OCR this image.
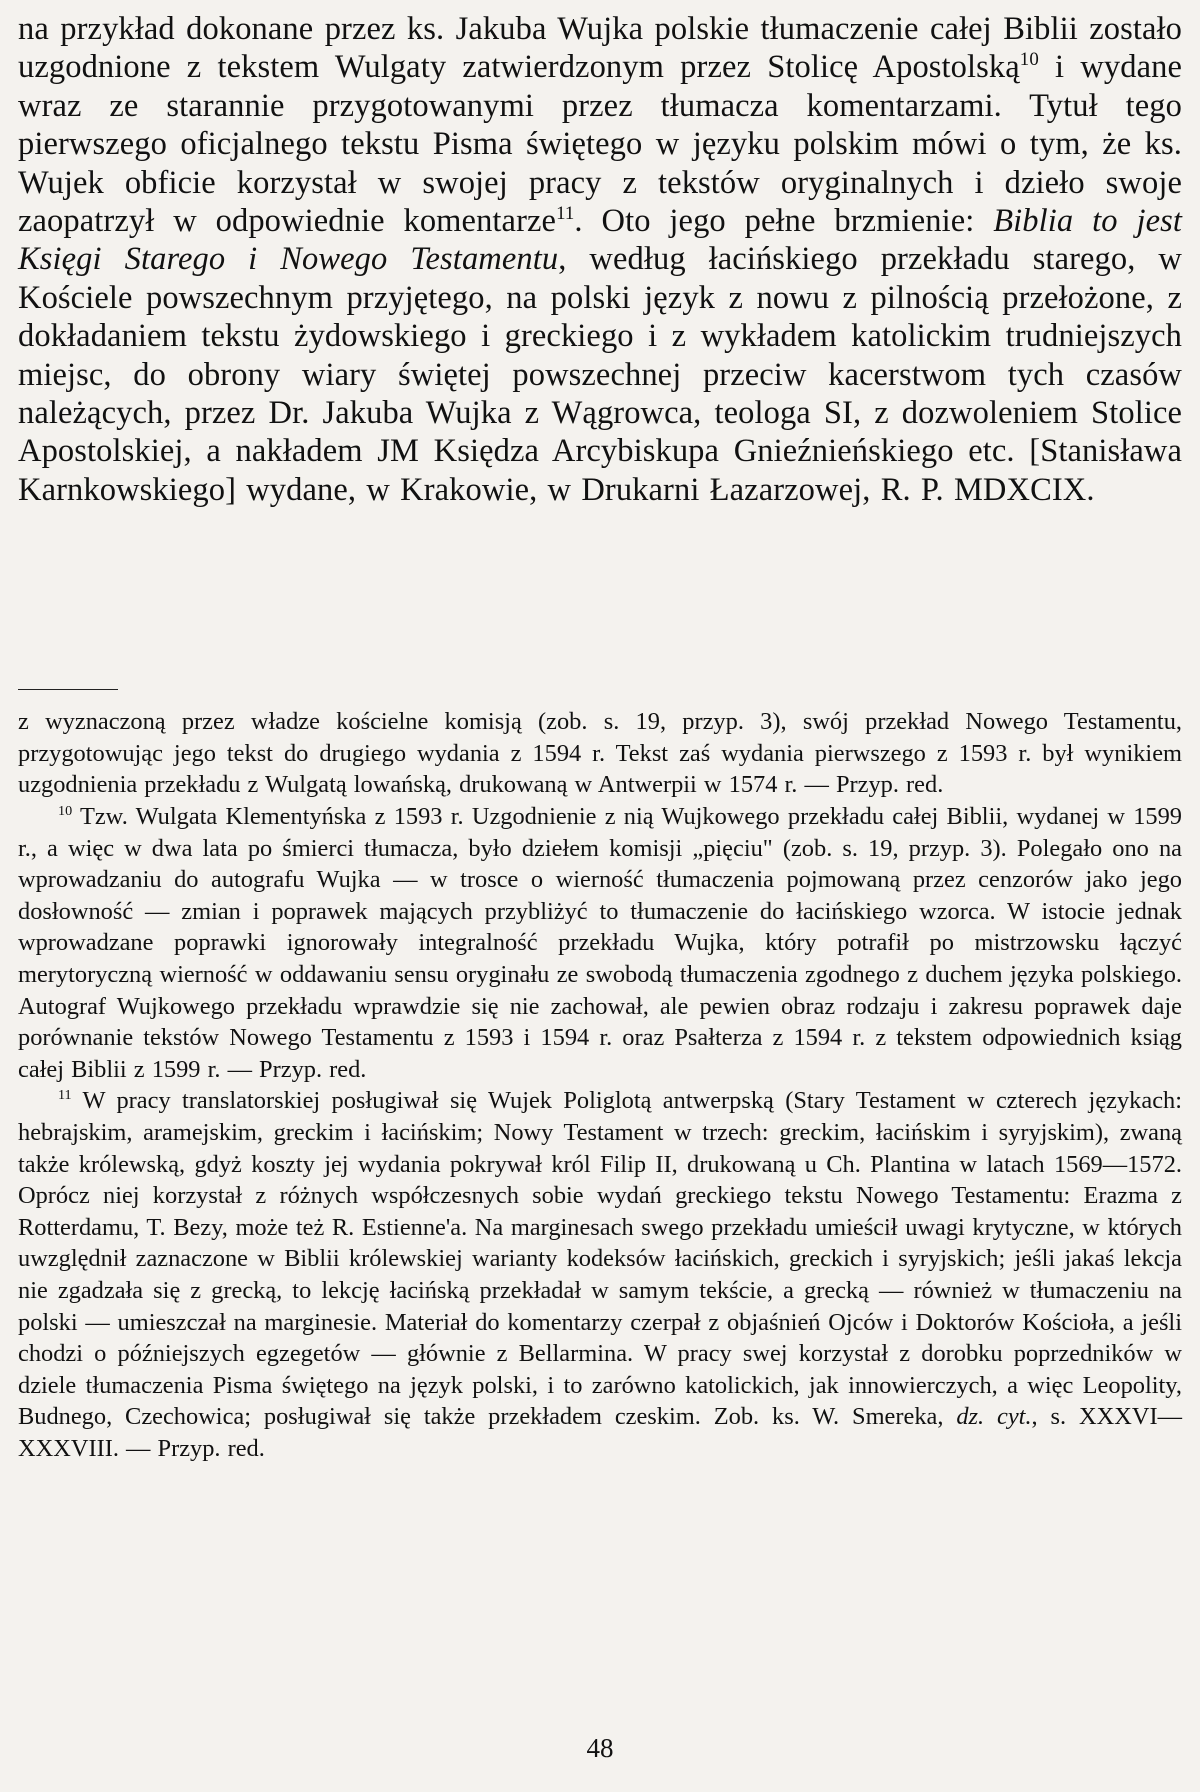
na przykład dokonane przez ks. Jakuba Wujka polskie tłumaczenie całej Biblii zostało uzgodnione z tekstem Wulgaty zatwierdzonym przez Stolicę Apostolską$^{10}$ i wydane wraz ze starannie przygotowanymi przez tłumacza komentarzami. Tytuł tego pierwszego oficjalnego tekstu Pisma świętego w języku polskim mówi o tym, że ks. Wujek obficie korzystał w swojej pracy z tekstów oryginalnych i dzieło swoje zaopatrzył w odpowiednie komentarze$^{11}$. Oto jego pełne brzmienie: Biblia to jest Księgi Starego i Nowego Testamentu, według łacińskiego przekładu starego, w Kościele powszechnym przyjętego, na polski język z nowu z pilnością przełożone, z dokładaniem tekstu żydowskiego i greckiego i z wykładem katolickim trudniejszych miejsc, do obrony wiary świętej powszechnej przeciw kacerstwom tych czasów należących, przez Dr. Jakuba Wujka z Wągrowca, teologa SI, z dozwoleniem Stolice Apostolskiej, a nakładem JM Księdza Arcybiskupa Gnieźnieńskiego etc. [Stanisława Karnkowskiego] wydane, w Krakowie, w Drukarni Łazarzowej, R. P. MDXCIX.

z wyznaczoną przez władze kościelne komisją (zob. s. 19, przyp. 3), swój przekład Nowego Testamentu, przygotowując jego tekst do drugiego wydania z 1594 r. Tekst zaś wydania pierwszego z 1593 r. był wynikiem uzgodnienia przekładu z Wulgatą lowańską, drukowaną w Antwerpii w 1574 r. — Przyp. red.

$^{10}$ Tzw. Wulgata Klementyńska z 1593 r. Uzgodnienie z nią Wujkowego przekładu całej Biblii, wydanej w 1599 r., a więc w dwa lata po śmierci tłumacza, było dziełem komisji „pięciu" (zob. s. 19, przyp. 3). Polegało ono na wprowadzaniu do autografu Wujka — w trosce o wierność tłumaczenia pojmowaną przez cenzorów jako jego dosłowność — zmian i poprawek mających przybliżyć to tłumaczenie do łacińskiego wzorca. W istocie jednak wprowadzane poprawki ignorowały integralność przekładu Wujka, który potrafił po mistrzowsku łączyć merytoryczną wierność w oddawaniu sensu oryginału ze swobodą tłumaczenia zgodnego z duchem języka polskiego. Autograf Wujkowego przekładu wprawdzie się nie zachował, ale pewien obraz rodzaju i zakresu poprawek daje porównanie tekstów Nowego Testamentu z 1593 i 1594 r. oraz Psałterza z 1594 r. z tekstem odpowiednich ksiąg całej Biblii z 1599 r. — Przyp. red.

$^{11}$ W pracy translatorskiej posługiwał się Wujek Poliglotą antwerpską (Stary Testament w czterech językach: hebrajskim, aramejskim, greckim i łacińskim; Nowy Testament w trzech: greckim, łacińskim i syryjskim), zwaną także królewską, gdyż koszty jej wydania pokrywał król Filip II, drukowaną u Ch. Plantina w latach 1569—1572. Oprócz niej korzystał z różnych współczesnych sobie wydań greckiego tekstu Nowego Testamentu: Erazma z Rotterdamu, T. Bezy, może też R. Estienne'a. Na marginesach swego przekładu umieścił uwagi krytyczne, w których uwzględnił zaznaczone w Biblii królewskiej warianty kodeksów łacińskich, greckich i syryjskich; jeśli jakaś lekcja nie zgadzała się z grecką, to lekcję łacińską przekładał w samym tekście, a grecką — również w tłumaczeniu na polski — umieszczał na marginesie. Materiał do komentarzy czerpał z objaśnień Ojców i Doktorów Kościoła, a jeśli chodzi o późniejszych egzegetów — głównie z Bellarmina. W pracy swej korzystał z dorobku poprzedników w dziele tłumaczenia Pisma świętego na język polski, i to zarówno katolickich, jak innowierczych, a więc Leopolity, Budnego, Czechowica; posługiwał się także przekładem czeskim. Zob. ks. W. Smereka, dz. cyt., s. XXXVI—XXXVIII. — Przyp. red.

48
